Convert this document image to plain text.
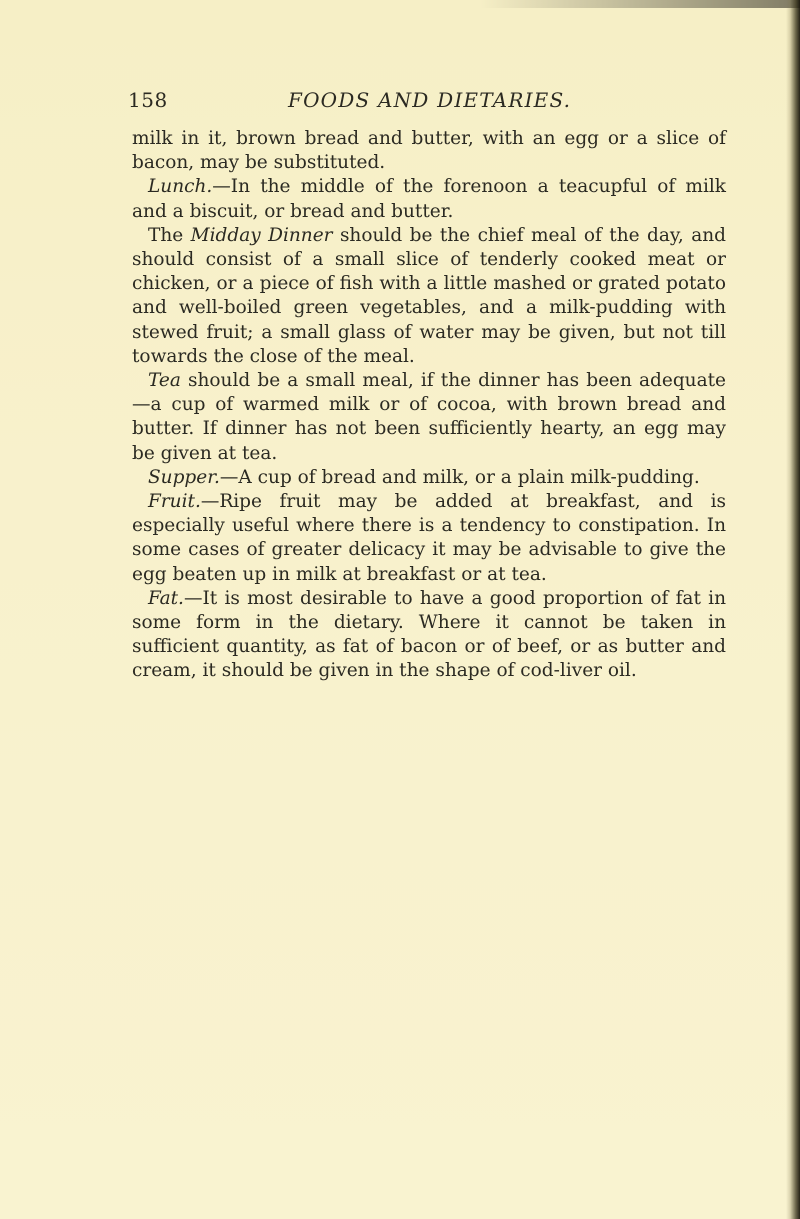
158	FOODS AND DIETARIES.

milk in it, brown bread and butter, with an egg or a slice of bacon, may be substituted.

Lunch.—In the middle of the forenoon a teacupful of milk and a biscuit, or bread and butter.

The Midday Dinner should be the chief meal of the day, and should consist of a small slice of tenderly cooked meat or chicken, or a piece of fish with a little mashed or grated potato and well-boiled green vegetables, and a milk-pudding with stewed fruit; a small glass of water may be given, but not till towards the close of the meal.

Tea should be a small meal, if the dinner has been adequate—a cup of warmed milk or of cocoa, with brown bread and butter. If dinner has not been sufficiently hearty, an egg may be given at tea.

Supper.—A cup of bread and milk, or a plain milk-pudding.

Fruit.—Ripe fruit may be added at breakfast, and is especially useful where there is a tendency to constipation. In some cases of greater delicacy it may be advisable to give the egg beaten up in milk at breakfast or at tea.

Fat.—It is most desirable to have a good proportion of fat in some form in the dietary. Where it cannot be taken in sufficient quantity, as fat of bacon or of beef, or as butter and cream, it should be given in the shape of cod-liver oil.
